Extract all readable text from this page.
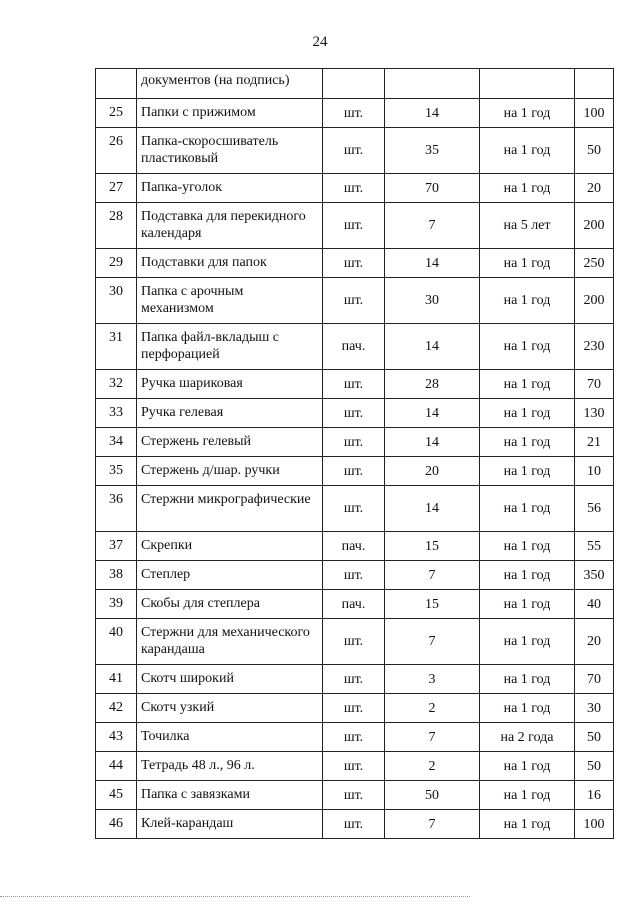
24
	документов (на подпись)				
25	Папки с прижимом	шт.	14	на 1 год	100
26	Папка-скоросшиватель пластиковый	шт.	35	на 1 год	50
27	Папка-уголок	шт.	70	на 1 год	20
28	Подставка для перекидного календаря	шт.	7	на 5 лет	200
29	Подставки для папок	шт.	14	на 1 год	250
30	Папка с арочным механизмом	шт.	30	на 1 год	200
31	Папка файл-вкладыш с перфорацией	пач.	14	на 1 год	230
32	Ручка шариковая	шт.	28	на 1 год	70
33	Ручка гелевая	шт.	14	на 1 год	130
34	Стержень гелевый	шт.	14	на 1 год	21
35	Стержень д/шар. ручки	шт.	20	на 1 год	10
36	Стержни микрографические	шт.	14	на 1 год	56
37	Скрепки	пач.	15	на 1 год	55
38	Степлер	шт.	7	на 1 год	350
39	Скобы для степлера	пач.	15	на 1 год	40
40	Стержни для механического карандаша	шт.	7	на 1 год	20
41	Скотч широкий	шт.	3	на 1 год	70
42	Скотч узкий	шт.	2	на 1 год	30
43	Точилка	шт.	7	на 2 года	50
44	Тетрадь 48 л., 96 л.	шт.	2	на 1 год	50
45	Папка с завязками	шт.	50	на 1 год	16
46	Клей-карандаш	шт.	7	на 1 год	100
